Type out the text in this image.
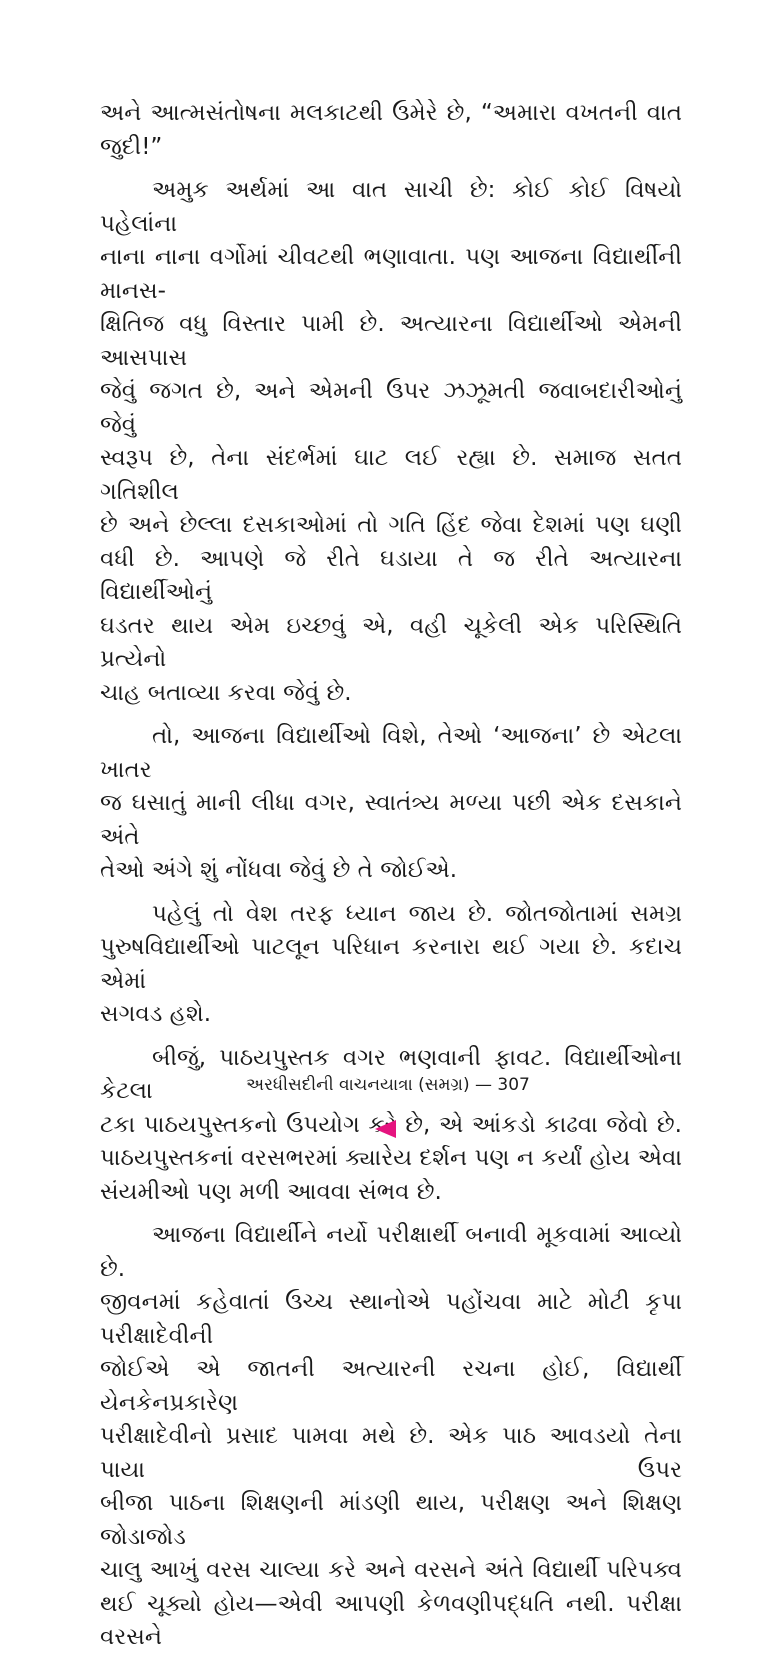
અને આત્મસંતોષના મલકાટથી ઉમેરે છે, “અમારા વખતની વાત જુદી!”
અમુક અર્થમાં આ વાત સાચી છે: કોઈ કોઈ વિષયો પહેલાંના
નાના નાના વર્ગોમાં ચીવટથી ભણાવાતા. પણ આજના વિદ્યાર્થીની માનસ-
ક્ષિતિજ વધુ વિસ્તાર પામી છે. અત્યારના વિદ્યાર્થીઓ એમની આસપાસ
જેવું જગત છે, અને એમની ઉપર ઝઝૂમતી જવાબદારીઓનું જેવું
સ્વરૂપ છે, તેના સંદર્ભમાં ઘાટ લઈ રહ્યા છે. સમાજ સતત ગતિશીલ
છે અને છેલ્લા દસકાઓમાં તો ગતિ હિંદ જેવા દેશમાં પણ ઘણી
વધી છે. આપણે જે રીતે ઘડાયા તે જ રીતે અત્યારના વિદ્યાર્થીઓનું
ઘડતર થાય એમ ઇચ્છવું એ, વહી ચૂકેલી એક પરિસ્થિતિ પ્રત્યેનો
ચાહ બતાવ્યા કરવા જેવું છે.
તો, આજના વિદ્યાર્થીઓ વિશે, તેઓ ‘આજના’ છે એટલા ખાતર
જ ઘસાતું માની લીધા વગર, સ્વાતંત્ર્ય મળ્યા પછી એક દસકાને અંતે
તેઓ અંગે શું નોંધવા જેવું છે તે જોઈએ.
પહેલું તો વેશ તરફ ધ્યાન જાય છે. જોતજોતામાં સમગ્ર
પુરુષવિદ્યાર્થીઓ પાટલૂન પરિધાન કરનારા થઈ ગયા છે. કદાચ એમાં
સગવડ હશે.
બીજું, પાઠયપુસ્તક વગર ભણવાની ફાવટ. વિદ્યાર્થીઓના કેટલા
ટકા પાઠયપુસ્તકનો ઉપયોગ કરે છે, એ આંકડો કાઢવા જેવો છે.
પાઠયપુસ્તકનાં વરસભરમાં ક્યારેય દર્શન પણ ન કર્યાં હોય એવા
સંયમીઓ પણ મળી આવવા સંભવ છે.
આજના વિદ્યાર્થીને નર્યો પરીક્ષાર્થી બનાવી મૂકવામાં આવ્યો છે.
જીવનમાં કહેવાતાં ઉચ્ચ સ્થાનોએ પહોંચવા માટે મોટી કૃપા પરીક્ષાદેવીની
જોઈએ એ જાતની અત્યારની રચના હોઈ, વિદ્યાર્થી યેનકેનપ્રકારેણ
પરીક્ષાદેવીનો પ્રસાદ પામવા મથે છે. એક પાઠ આવડયો તેના પાયા ઉપર
બીજા પાઠના શિક્ષણની માંડણી થાય, પરીક્ષણ અને શિક્ષણ જોડાજોડ
ચાલુ આખું વરસ ચાલ્યા કરે અને વરસને અંતે વિદ્યાર્થી પરિપક્વ
થઈ ચૂક્યો હોય—એવી આપણી કેળવણીપદ્ધતિ નથી. પરીક્ષા વરસને
અરધીસદીની વાચનયાત્રા (સમગ્ર) — 307
